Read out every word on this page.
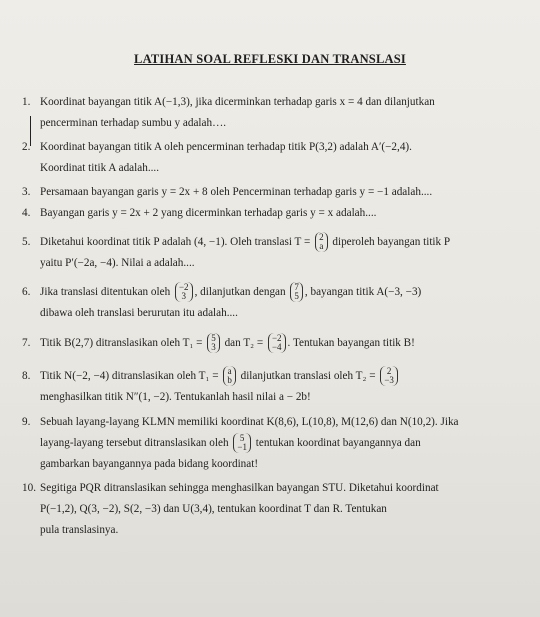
LATIHAN SOAL REFLESKI DAN TRANSLASI
1. Koordinat bayangan titik A(−1,3), jika dicerminkan terhadap garis x = 4 dan dilanjutkan
pencerminan terhadap sumbu y adalah….
2. Koordinat bayangan titik A oleh pencerminan terhadap titik P(3,2) adalah A′(−2,4).
Koordinat titik A adalah....
3. Persamaan bayangan garis y = 2x + 8 oleh Pencerminan terhadap garis y = −1 adalah....
4. Bayangan garis y = 2x + 2 yang dicerminkan terhadap garis y = x adalah....
5. Diketahui koordinat titik P adalah (4, −1). Oleh translasi T = 2
a diperoleh bayangan titik P
yaitu P′(−2a, −4). Nilai a adalah....
6. Jika translasi ditentukan oleh −2
3 , dilanjutkan dengan 7
5 , bayangan titik A(−3, −3)
dibawa oleh translasi berurutan itu adalah....
7. Titik B(2,7) ditranslasikan oleh T₁ = 5
3 dan T₂ = −2
−4 . Tentukan bayangan titik B!
8. Titik N(−2, −4) ditranslasikan oleh T₁ = a
b dilanjutkan translasi oleh T₂ = 2
−3
menghasilkan titik N″(1, −2). Tentukanlah hasil nilai a − 2b!
9. Sebuah layang-layang KLMN memiliki koordinat K(8,6), L(10,8), M(12,6) dan N(10,2). Jika
layang-layang tersebut ditranslasikan oleh 5
−1 tentukan koordinat bayangannya dan
gambarkan bayangannya pada bidang koordinat!
10. Segitiga PQR ditranslasikan sehingga menghasilkan bayangan STU. Diketahui koordinat
P(−1,2), Q(3, −2), S(2, −3) dan U(3,4), tentukan koordinat T dan R. Tentukan
pula translasinya.
